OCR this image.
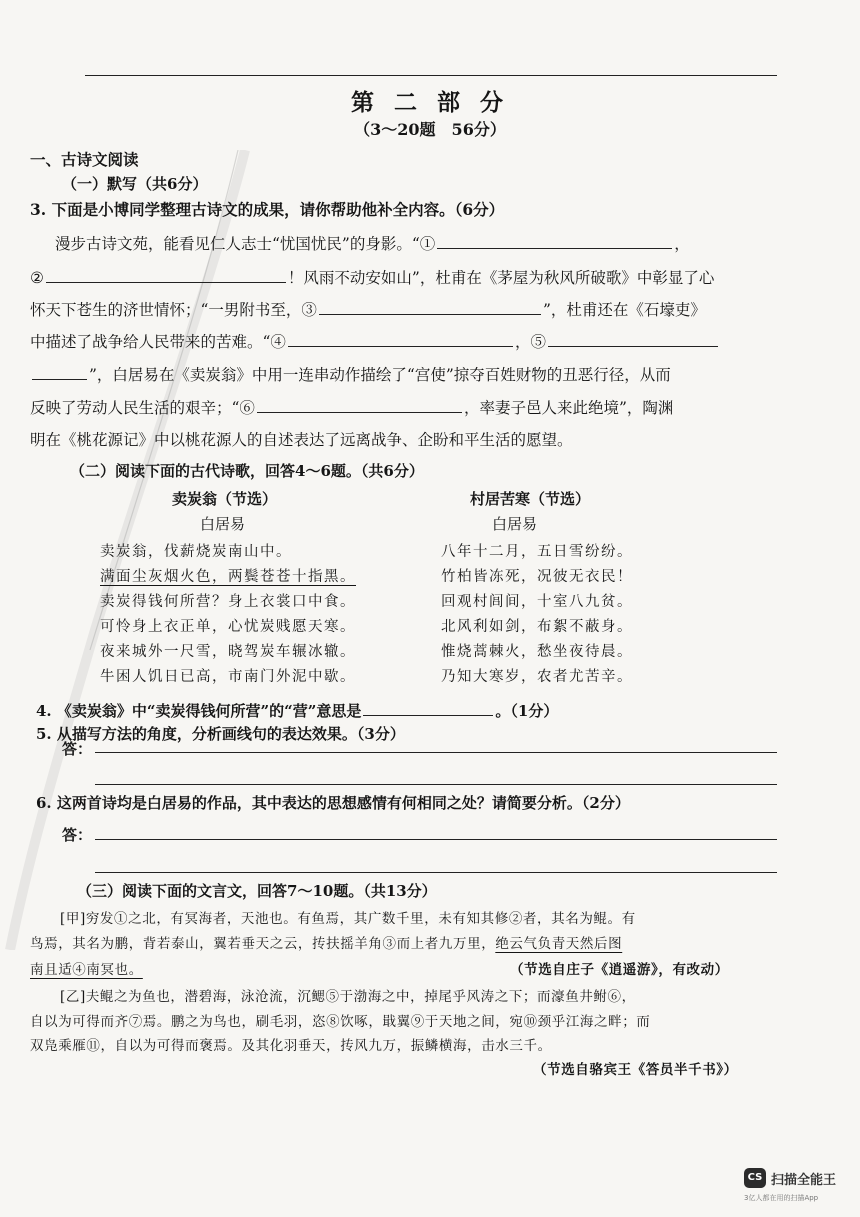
第 二 部 分
（3～20题　56分）
一、古诗文阅读
（一）默写（共6分）
3. 下面是小博同学整理古诗文的成果，请你帮助他补全内容。（6分）
漫步古诗文苑，能看见仁人志士“忧国忧民”的身影。“①	，
②	！风雨不动安如山”，杜甫在《茅屋为秋风所破歌》中彰显了心
怀天下苍生的济世情怀；“一男附书至，③	”，杜甫还在《石壕吏》
中描述了战争给人民带来的苦难。“④	，⑤
”，白居易在《卖炭翁》中用一连串动作描绘了“宫使”掠夺百姓财物的丑恶行径，从而
反映了劳动人民生活的艰辛；“⑥	，率妻子邑人来此绝境”，陶渊
明在《桃花源记》中以桃花源人的自述表达了远离战争、企盼和平生活的愿望。
（二）阅读下面的古代诗歌，回答4～6题。（共6分）
卖炭翁（节选）
白居易
卖炭翁，伐薪烧炭南山中。
满面尘灰烟火色，两鬓苍苍十指黑。
卖炭得钱何所营？身上衣裳口中食。
可怜身上衣正单，心忧炭贱愿天寒。
夜来城外一尺雪，晓驾炭车辗冰辙。
牛困人饥日已高，市南门外泥中歇。
村居苦寒（节选）
白居易
八年十二月，五日雪纷纷。
竹柏皆冻死，况彼无衣民！
回观村闾间，十室八九贫。
北风利如剑，布絮不蔽身。
惟烧蒿棘火，愁坐夜待晨。
乃知大寒岁，农者尤苦辛。
4. 《卖炭翁》中“卖炭得钱何所营”的“营”意思是	。（1分）
5. 从描写方法的角度，分析画线句的表达效果。（3分）
答：
6. 这两首诗均是白居易的作品，其中表达的思想感情有何相同之处？请简要分析。（2分）
答：
（三）阅读下面的文言文，回答7～10题。（共13分）
[甲]穷发①之北，有冥海者，天池也。有鱼焉，其广数千里，未有知其修②者，其名为鲲。有
鸟焉，其名为鹏，背若泰山，翼若垂天之云，抟扶摇羊角③而上者九万里，绝云气负青天然后图
南且适④南冥也。	（节选自庄子《逍遥游》，有改动）
[乙]夫鲲之为鱼也，潜碧海，泳沧流，沉鳃⑤于渤海之中，掉尾乎风涛之下；而濠鱼井鲋⑥，
自以为可得而齐⑦焉。鹏之为鸟也，刷毛羽，恣⑧饮啄，戢翼⑨于天地之间，宛⑩颈乎江海之畔；而
双凫乘雁⑪，自以为可得而褒焉。及其化羽垂天，抟风九万，振鳞横海，击水三千。
（节选自骆宾王《答员半千书》）
CS 扫描全能王
3亿人都在用的扫描App
